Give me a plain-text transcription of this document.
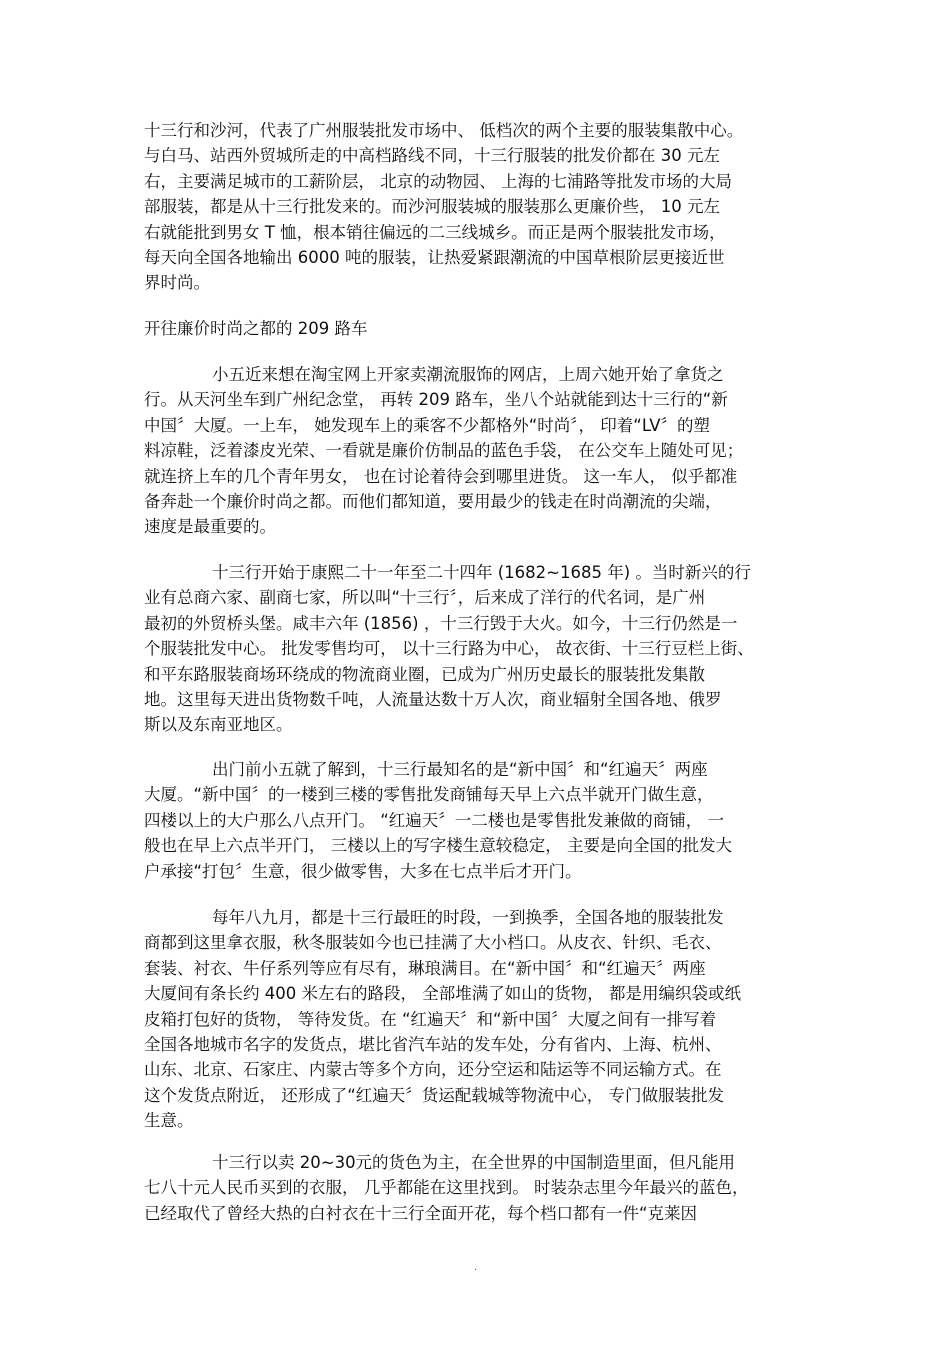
十三行和沙河，代表了广州服装批发市场中、 低档次的两个主要的服装集散中心。
与白马、站西外贸城所走的中高档路线不同，十三行服装的批发价都在 30 元左
右，主要满足城市的工薪阶层， 北京的动物园、 上海的七浦路等批发市场的大局
部服装，都是从十三行批发来的。而沙河服装城的服装那么更廉价些， 10 元左
右就能批到男女 T 恤，根本销往偏远的二三线城乡。而正是两个服装批发市场，
每天向全国各地输出 6000 吨的服装，让热爱紧跟潮流的中国草根阶层更接近世
界时尚。
开往廉价时尚之都的 209 路车
小五近来想在淘宝网上开家卖潮流服饰的网店，上周六她开始了拿货之
行。从天河坐车到广州纪念堂， 再转 209 路车，坐八个站就能到达十三行的“新
中国〞大厦。一上车， 她发现车上的乘客不少都格外“时尚〞， 印着“LV〞的塑
料凉鞋，泛着漆皮光荣、一看就是廉价仿制品的蓝色手袋， 在公交车上随处可见；
就连挤上车的几个青年男女， 也在讨论着待会到哪里进货。 这一车人， 似乎都准
备奔赴一个廉价时尚之都。而他们都知道，要用最少的钱走在时尚潮流的尖端，
速度是最重要的。
十三行开始于康熙二十一年至二十四年 (1682~1685 年) 。当时新兴的行
业有总商六家、副商七家，所以叫“十三行〞，后来成了洋行的代名词，是广州
最初的外贸桥头堡。咸丰六年 (1856) ，十三行毁于大火。如今，十三行仍然是一
个服装批发中心。 批发零售均可， 以十三行路为中心， 故衣街、十三行豆栏上街、
和平东路服装商场环绕成的物流商业圈，已成为广州历史最长的服装批发集散
地。这里每天进出货物数千吨，人流量达数十万人次，商业辐射全国各地、俄罗
斯以及东南亚地区。
出门前小五就了解到，十三行最知名的是“新中国〞和“红遍天〞两座
大厦。“新中国〞的一楼到三楼的零售批发商铺每天早上六点半就开门做生意，
四楼以上的大户那么八点开门。 “红遍天〞一二楼也是零售批发兼做的商铺， 一
般也在早上六点半开门， 三楼以上的写字楼生意较稳定， 主要是向全国的批发大
户承接“打包〞生意，很少做零售，大多在七点半后才开门。
每年八九月，都是十三行最旺的时段，一到换季，全国各地的服装批发
商都到这里拿衣服，秋冬服装如今也已挂满了大小档口。从皮衣、针织、毛衣、
套装、衬衣、牛仔系列等应有尽有，琳琅满目。在“新中国〞和“红遍天〞两座
大厦间有条长约 400 米左右的路段， 全部堆满了如山的货物， 都是用编织袋或纸
皮箱打包好的货物， 等待发货。在 “红遍天〞和“新中国〞大厦之间有一排写着
全国各地城市名字的发货点，堪比省汽车站的发车处，分有省内、上海、杭州、
山东、北京、石家庄、内蒙古等多个方向，还分空运和陆运等不同运输方式。在
这个发货点附近， 还形成了“红遍天〞货运配载城等物流中心， 专门做服装批发
生意。
十三行以卖 20~30元的货色为主，在全世界的中国制造里面，但凡能用
七八十元人民币买到的衣服， 几乎都能在这里找到。 时装杂志里今年最兴的蓝色，
已经取代了曾经大热的白衬衣在十三行全面开花，每个档口都有一件“克莱因
.
